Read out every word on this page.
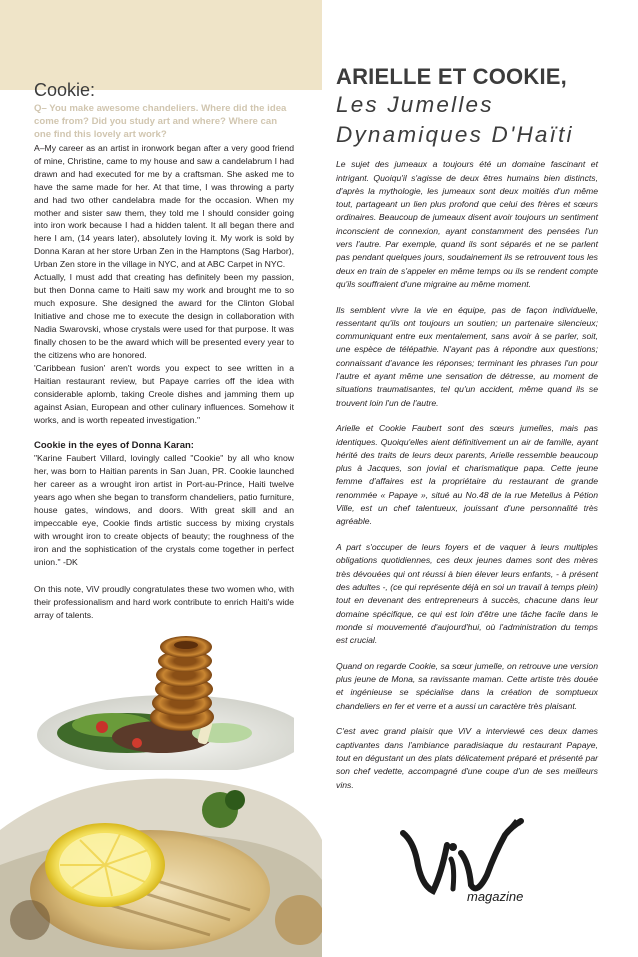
Cookie:

Q– You make awesome chandeliers. Where did the idea come from? Did you study art and where? Where can one find this lovely art work?

A–My career as an artist in ironwork began after a very good friend of mine, Christine, came to my house and saw a candelabrum I had drawn and had executed for me by a craftsman. She asked me to have the same made for her. At that time, I was throwing a party and had two other candelabra made for the occasion. When my mother and sister saw them, they told me I should consider going into iron work because I had a hidden talent. It all began there and here I am, (14 years later), absolutely loving it. My work is sold by Donna Karan at her store Urban Zen in the Hamptons (Sag Harbor), Urban Zen store in the village in NYC, and at ABC Carpet in NYC.

Actually, I must add that creating has definitely been my passion, but then Donna came to Haiti saw my work and brought me to so much exposure. She designed the award for the Clinton Global Initiative and chose me to execute the design in collaboration with Nadia Swarovski, whose crystals were used for that purpose. It was finally chosen to be the award which will be presented every year to the citizens who are honored.

'Caribbean fusion' aren't words you expect to see written in a Haitian restaurant review, but Papaye carries off the idea with considerable aplomb, taking Creole dishes and jamming them up against Asian, European and other culinary influences. Somehow it works, and is worth repeated investigation."

Cookie in the eyes of Donna Karan:

"Karine Faubert Villard, lovingly called "Cookie" by all who know her, was born to Haitian parents in San Juan, PR. Cookie launched her career as a wrought iron artist in Port-au-Prince, Haiti twelve years ago when she began to transform chandeliers, patio furniture, house gates, windows, and doors. With great skill and an impeccable eye, Cookie finds artistic success by mixing crystals with wrought iron to create objects of beauty; the roughness of the iron and the sophistication of the crystals come together in perfect union." -DK

On this note, ViV proudly congratulates these two women who, with their professionalism and hard work contribute to enrich Haiti's wide array of talents.

ARIELLE ET COOKIE,
Les Jumelles
Dynamiques D'Haïti

Le sujet des jumeaux a toujours été un domaine fascinant et intrigant. Quoiqu'il s'agisse de deux êtres humains bien distincts, d'après la mythologie, les jumeaux sont deux moitiés d'un même tout, partageant un lien plus profond que celui des frères et sœurs ordinaires. Beaucoup de jumeaux disent avoir toujours un sentiment inconscient de connexion, ayant constamment des pensées l'un vers l'autre. Par exemple, quand ils sont séparés et ne se parlent pas pendant quelques jours, soudainement ils se retrouvent tous les deux en train de s'appeler en même temps ou ils se rendent compte qu'ils souffraient d'une migraine au même moment.

Ils semblent vivre la vie en équipe, pas de façon individuelle, ressentant qu'ils ont toujours un soutien; un partenaire silencieux; communiquant entre eux mentalement, sans avoir à se parler, soit, une espèce de télépathie. N'ayant pas à répondre aux questions; connaissant d'avance les réponses; terminant les phrases l'un pour l'autre et ayant même une sensation de détresse, au moment de situations traumatisantes, tel qu'un accident, même quand ils se trouvent loin l'un de l'autre.

Arielle et Cookie Faubert sont des sœurs jumelles, mais pas identiques. Quoiqu'elles aient définitivement un air de famille, ayant hérité des traits de leurs deux parents, Arielle ressemble beaucoup plus à Jacques, son jovial et charismatique papa. Cette jeune femme d'affaires est la propriétaire du restaurant de grande renommée « Papaye », situé au No.48 de la rue Metellus à Pétion Ville, est un chef talentueux, jouissant d'une personnalité très agréable.

A part s'occuper de leurs foyers et de vaquer à leurs multiples obligations quotidiennes, ces deux jeunes dames sont des mères très dévouées qui ont réussi à bien élever leurs enfants, - à présent des adultes -, (ce qui représente déjà en soi un travail à temps plein) tout en devenant des entrepreneurs à succès, chacune dans leur domaine spécifique, ce qui est loin d'être une tâche facile dans le monde si mouvementé d'aujourd'hui, où l'administration du temps est crucial.

Quand on regarde Cookie, sa sœur jumelle, on retrouve une version plus jeune de Mona, sa ravissante maman. Cette artiste très douée et ingénieuse se spécialise dans la création de somptueux chandeliers en fer et verre et a aussi un caractère très plaisant.

C'est avec grand plaisir que ViV a interviewé ces deux dames captivantes dans l'ambiance paradisiaque du restaurant Papaye, tout en dégustant un des plats délicatement préparé et présenté par son chef vedette, accompagné d'une coupe d'un de ses meilleurs vins.

magazine
